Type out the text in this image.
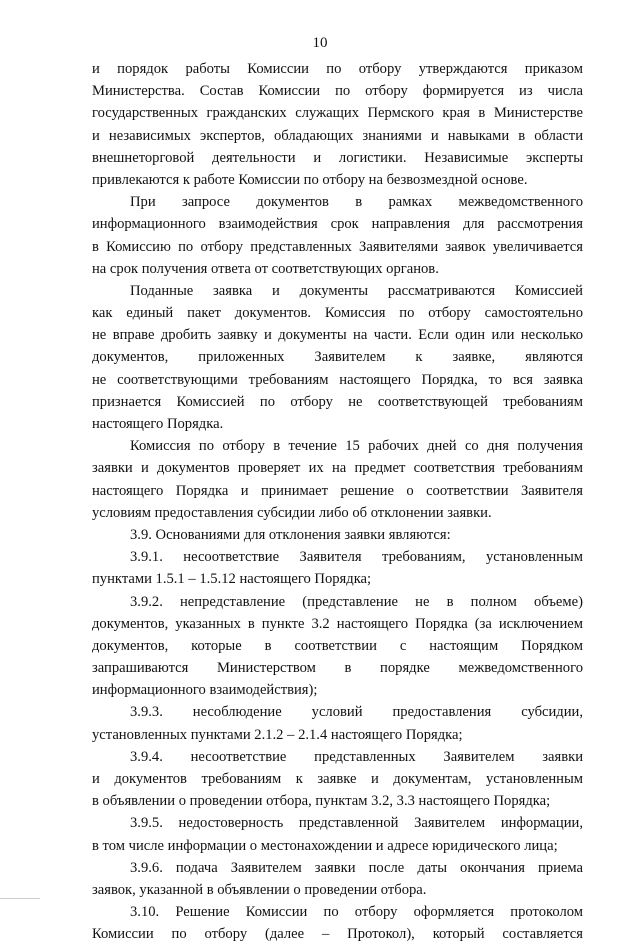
10
и порядок работы Комиссии по отбору утверждаются приказом
Министерства. Состав Комиссии по отбору формируется из числа
государственных гражданских служащих Пермского края в Министерстве
и независимых экспертов, обладающих знаниями и навыками в области
внешнеторговой деятельности и логистики. Независимые эксперты
привлекаются к работе Комиссии по отбору на безвозмездной основе.
При запросе документов в рамках межведомственного
информационного взаимодействия срок направления для рассмотрения
в Комиссию по отбору представленных Заявителями заявок увеличивается
на срок получения ответа от соответствующих органов.
Поданные заявка и документы рассматриваются Комиссией
как единый пакет документов. Комиссия по отбору самостоятельно
не вправе дробить заявку и документы на части. Если один или несколько
документов, приложенных Заявителем к заявке, являются
не соответствующими требованиям настоящего Порядка, то вся заявка
признается Комиссией по отбору не соответствующей требованиям
настоящего Порядка.
Комиссия по отбору в течение 15 рабочих дней со дня получения
заявки и документов проверяет их на предмет соответствия требованиям
настоящего Порядка и принимает решение о соответствии Заявителя
условиям предоставления субсидии либо об отклонении заявки.
3.9. Основаниями для отклонения заявки являются:
3.9.1. несоответствие Заявителя требованиям, установленным
пунктами 1.5.1 – 1.5.12 настоящего Порядка;
3.9.2. непредставление (представление не в полном объеме)
документов, указанных в пункте 3.2 настоящего Порядка (за исключением
документов, которые в соответствии с настоящим Порядком
запрашиваются Министерством в порядке межведомственного
информационного взаимодействия);
3.9.3. несоблюдение условий предоставления субсидии,
установленных пунктами 2.1.2 – 2.1.4 настоящего Порядка;
3.9.4. несоответствие представленных Заявителем заявки
и документов требованиям к заявке и документам, установленным
в объявлении о проведении отбора, пунктам 3.2, 3.3 настоящего Порядка;
3.9.5. недостоверность представленной Заявителем информации,
в том числе информации о местонахождении и адресе юридического лица;
3.9.6. подача Заявителем заявки после даты окончания приема
заявок, указанной в объявлении о проведении отбора.
3.10. Решение Комиссии по отбору оформляется протоколом
Комиссии по отбору (далее – Протокол), который составляется
